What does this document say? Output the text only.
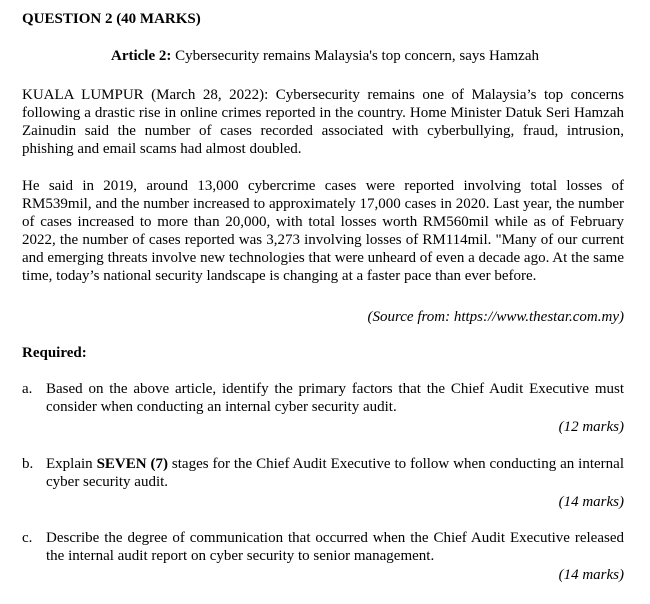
QUESTION 2 (40 MARKS)
Article 2: Cybersecurity remains Malaysia's top concern, says Hamzah
KUALA LUMPUR (March 28, 2022): Cybersecurity remains one of Malaysia’s top concerns following a drastic rise in online crimes reported in the country. Home Minister Datuk Seri Hamzah Zainudin said the number of cases recorded associated with cyberbullying, fraud, intrusion, phishing and email scams had almost doubled.
He said in 2019, around 13,000 cybercrime cases were reported involving total losses of RM539mil, and the number increased to approximately 17,000 cases in 2020. Last year, the number of cases increased to more than 20,000, with total losses worth RM560mil while as of February 2022, the number of cases reported was 3,273 involving losses of RM114mil. "Many of our current and emerging threats involve new technologies that were unheard of even a decade ago. At the same time, today’s national security landscape is changing at a faster pace than ever before.
(Source from: https://www.thestar.com.my)
Required:
a. Based on the above article, identify the primary factors that the Chief Audit Executive must consider when conducting an internal cyber security audit.
(12 marks)
b. Explain SEVEN (7) stages for the Chief Audit Executive to follow when conducting an internal cyber security audit.
(14 marks)
c. Describe the degree of communication that occurred when the Chief Audit Executive released the internal audit report on cyber security to senior management.
(14 marks)
